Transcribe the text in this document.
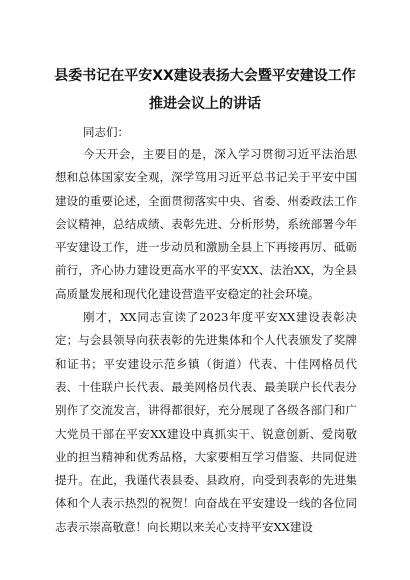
县委书记在平安XX建设表扬大会暨平安建设工作推进会议上的讲话

同志们：

今天开会，主要目的是，深入学习贯彻习近平法治思想和总体国家安全观，深学笃用习近平总书记关于平安中国建设的重要论述，全面贯彻落实中央、省委、州委政法工作会议精神，总结成绩、表彰先进、分析形势，系统部署今年平安建设工作，进一步动员和激励全县上下再接再厉、砥砺前行，齐心协力建设更高水平的平安XX、法治XX，为全县高质量发展和现代化建设营造平安稳定的社会环境。

刚才，XX同志宣读了2023年度平安XX建设表彰决定；与会县领导向获表彰的先进集体和个人代表颁发了奖牌和证书；平安建设示范乡镇（街道）代表、十佳网格员代表、十佳联户长代表、最美网格员代表、最美联户长代表分别作了交流发言，讲得都很好，充分展现了各级各部门和广大党员干部在平安XX建设中真抓实干、锐意创新、爱岗敬业的担当精神和优秀品格，大家要相互学习借鉴、共同促进提升。在此，我谨代表县委、县政府，向受到表彰的先进集体和个人表示热烈的祝贺！向奋战在平安建设一线的各位同志表示崇高敬意！向长期以来关心支持平安XX建设
